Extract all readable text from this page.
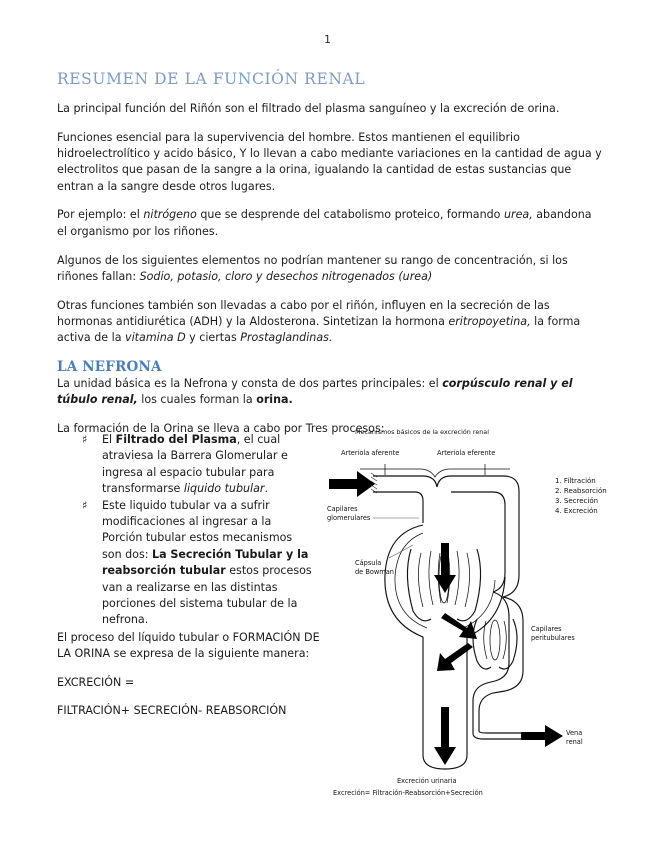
1
RESUMEN DE LA FUNCIÓN RENAL

La principal función del Riñón son el filtrado del plasma sanguíneo y la excreción de orina.

Funciones esencial para la supervivencia del hombre. Estos mantienen el equilibrio hidroelectrolítico y acido básico, Y lo llevan a cabo mediante variaciones en la cantidad de agua y electrolitos que pasan de la sangre a la orina, igualando la cantidad de estas sustancias que entran a la sangre desde otros lugares.

Por ejemplo: el nitrógeno que se desprende del catabolismo proteico, formando urea, abandona el organismo por los riñones.

Algunos de los siguientes elementos no podrían mantener su rango de concentración, si los riñones fallan: Sodio, potasio, cloro y desechos nitrogenados (urea)

Otras funciones también son llevadas a cabo por el riñón, influyen en la secreción de las hormonas antidiurética (ADH) y la Aldosterona. Sintetizan la hormona eritropoyetina, la forma activa de la vitamina D y ciertas Prostaglandinas.

LA NEFRONA

La unidad básica es la Nefrona y consta de dos partes principales: el corpúsculo renal y el túbulo renal, los cuales forman la orina.

La formación de la Orina se lleva a cabo por Tres procesos:

♯ El Filtrado del Plasma, el cual atraviesa la Barrera Glomerular e ingresa al espacio tubular para transformarse liquido tubular.
♯ Este liquido tubular va a sufrir modificaciones al ingresar a la Porción tubular estos mecanismos son dos: La Secreción Tubular y la reabsorción tubular estos procesos van a realizarse en las distintas porciones del sistema tubular de la nefrona.

El proceso del líquido tubular o FORMACIÓN DE LA ORINA se expresa de la siguiente manera:

EXCRECIÓN =

FILTRACIÓN+ SECRECIÓN- REABSORCIÓN

Mecanismos básicos de la excreción renal
Arteriola aferente	Arteriola eferente
Capilares
glomerulares
Cápsula
de Bowman
Capilares
peritubulares
Vena
renal
1. Filtración
2. Reabsorción
3. Secreción
4. Excreción
Excreción urinaria
Excreción= Filtración-Reabsorción+Secreción
